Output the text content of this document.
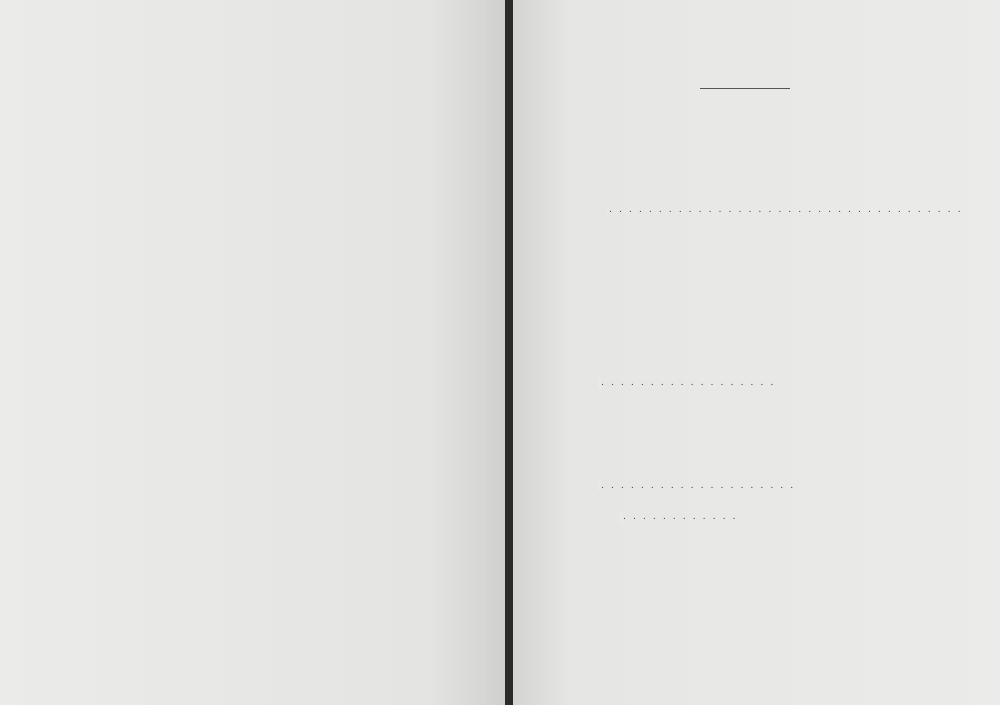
. . . . . . . . . . . . . . . . . . . . . . . . . . . . . . . . . . . .
. . . . . . . . . . . . . . . . . .
. . . . . . . . . . . . . . . . . . . .
. . . . . . . . . . . .
